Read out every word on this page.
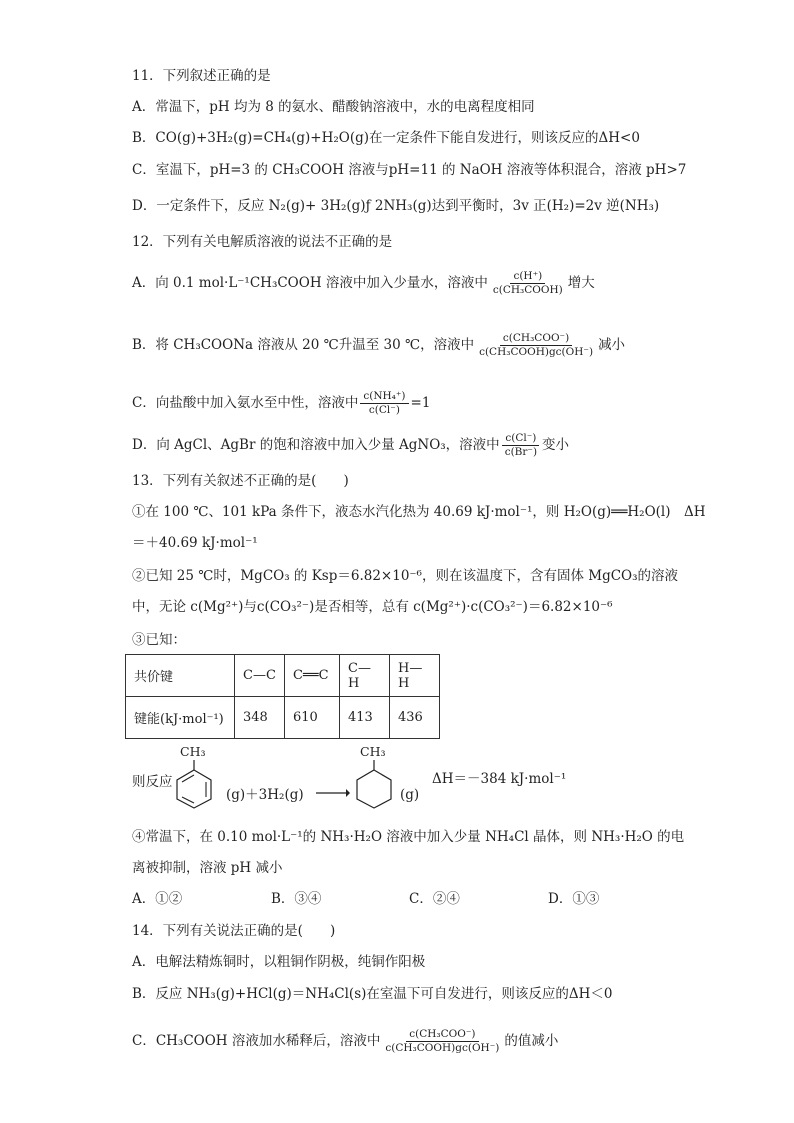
11．下列叙述正确的是
A．常温下，pH 均为 8 的氨水、醋酸钠溶液中，水的电离程度相同
B．CO(g)+3H₂(g)=CH₄(g)+H₂O(g)在一定条件下能自发进行，则该反应的ΔH<0
C．室温下，pH=3 的 CH₃COOH 溶液与pH=11 的 NaOH 溶液等体积混合，溶液 pH>7
D．一定条件下，反应 N₂(g)+ 3H₂(g)ƒ 2NH₃(g)达到平衡时，3v 正(H₂)=2v 逆(NH₃)
12．下列有关电解质溶液的说法不正确的是
A．向 0.1 mol·L⁻¹CH₃COOH 溶液中加入少量水，溶液中 $\frac{c(H^+)}{\text{c(CH₃COOH)}}$ 增大
B．将 CH₃COONa 溶液从 20 ℃升温至 30 ℃，溶液中 $\frac{\text{c(CH₃COO⁻)}}{\text{c(CH₃COOH)gc(OH⁻)}}$ 减小
C．向盐酸中加入氨水至中性，溶液中 $\frac{\text{c(NH₄⁺)}}{c(Cl^-)} =1$
D．向 AgCl、AgBr 的饱和溶液中加入少量 AgNO₃，溶液中 $\frac{c(Cl^-)}{c(Br^-)}$ 变小
13．下列有关叙述不正确的是(　　)
①在 100 ℃、101 kPa 条件下，液态水汽化热为 40.69 kJ·mol⁻¹，则 H₂O(g)══H₂O(l)　ΔH
＝＋40.69 kJ·mol⁻¹
②已知 25 ℃时，MgCO₃ 的 Ksp＝6.82×10⁻⁶，则在该温度下，含有固体 MgCO₃的溶液
中，无论 c(Mg²⁺)与c(CO₃²⁻)是否相等，总有 c(Mg²⁺)·c(CO₃²⁻)＝6.82×10⁻⁶
③已知：
共价键	C—C	C══C	C—H	H—H
键能(kJ·mol⁻¹)	348	610	413	436
则反应
CH₃
(g)＋3H₂(g) →
CH₃
(g)
ΔH＝－384 kJ·mol⁻¹
④常温下，在 0.10 mol·L⁻¹的 NH₃·H₂O 溶液中加入少量 NH₄Cl 晶体，则 NH₃·H₂O 的电
离被抑制，溶液 pH 减小
A．①②	B．③④	C．②④	D．①③
14．下列有关说法正确的是(　　)
A．电解法精炼铜时，以粗铜作阴极，纯铜作阳极
B．反应 NH₃(g)+HCl(g)＝NH₄Cl(s)在室温下可自发进行，则该反应的ΔH＜0
C．CH₃COOH 溶液加水稀释后，溶液中 $\frac{\text{c(CH₃COO⁻)}}{\text{c(CH₃COOH)gc(OH⁻)}}$ 的值减小
